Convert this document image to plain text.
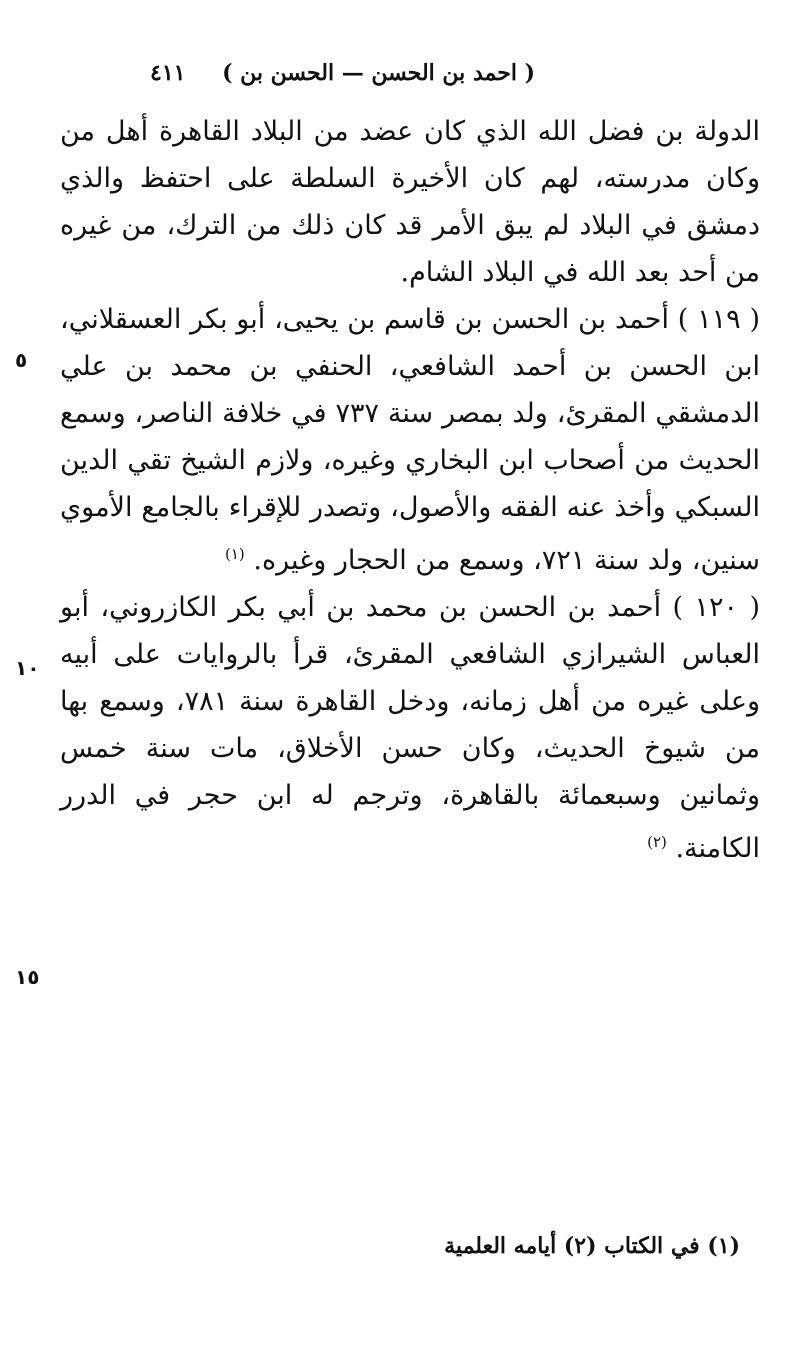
( احمد بن الحسن — الحسن بن )
٤١١

الدولة بن فضل الله الذي كان عضد من البلاد القاهرة أهل من وكان مدرسته، لهم كان الأخيرة السلطة على احتفظ والذي دمشق في البلاد لم يبق الأمر قد كان ذلك من الترك، من غيره من أحد بعد الله في البلاد الشام.

( ١١٩ ) أحمد بن الحسن بن قاسم بن يحيى، أبو بكر العسقلاني، ابن الحسن بن أحمد الشافعي، الحنفي بن محمد بن علي الدمشقي المقرئ، ولد بمصر سنة ٧٣٧ في خلافة الناصر، وسمع الحديث من أصحاب ابن البخاري وغيره، ولازم الشيخ تقي الدين السبكي وأخذ عنه الفقه والأصول، وتصدر للإقراء بالجامع الأموي سنين، ولد سنة ٧٢١، وسمع من الحجار وغيره. $^{(١)}$

( ١٢٠ ) أحمد بن الحسن بن محمد بن أبي بكر الكازروني، أبو العباس الشيرازي الشافعي المقرئ، قرأ بالروايات على أبيه وعلى غيره من أهل زمانه، ودخل القاهرة سنة ٧٨١، وسمع بها من شيوخ الحديث، وكان حسن الأخلاق، مات سنة خمس وثمانين وسبعمائة بالقاهرة، وترجم له ابن حجر في الدرر الكامنة. $^{(٢)}$

٥
١٠
١٥
(١) في الكتاب (٢) أيامه العلمية
